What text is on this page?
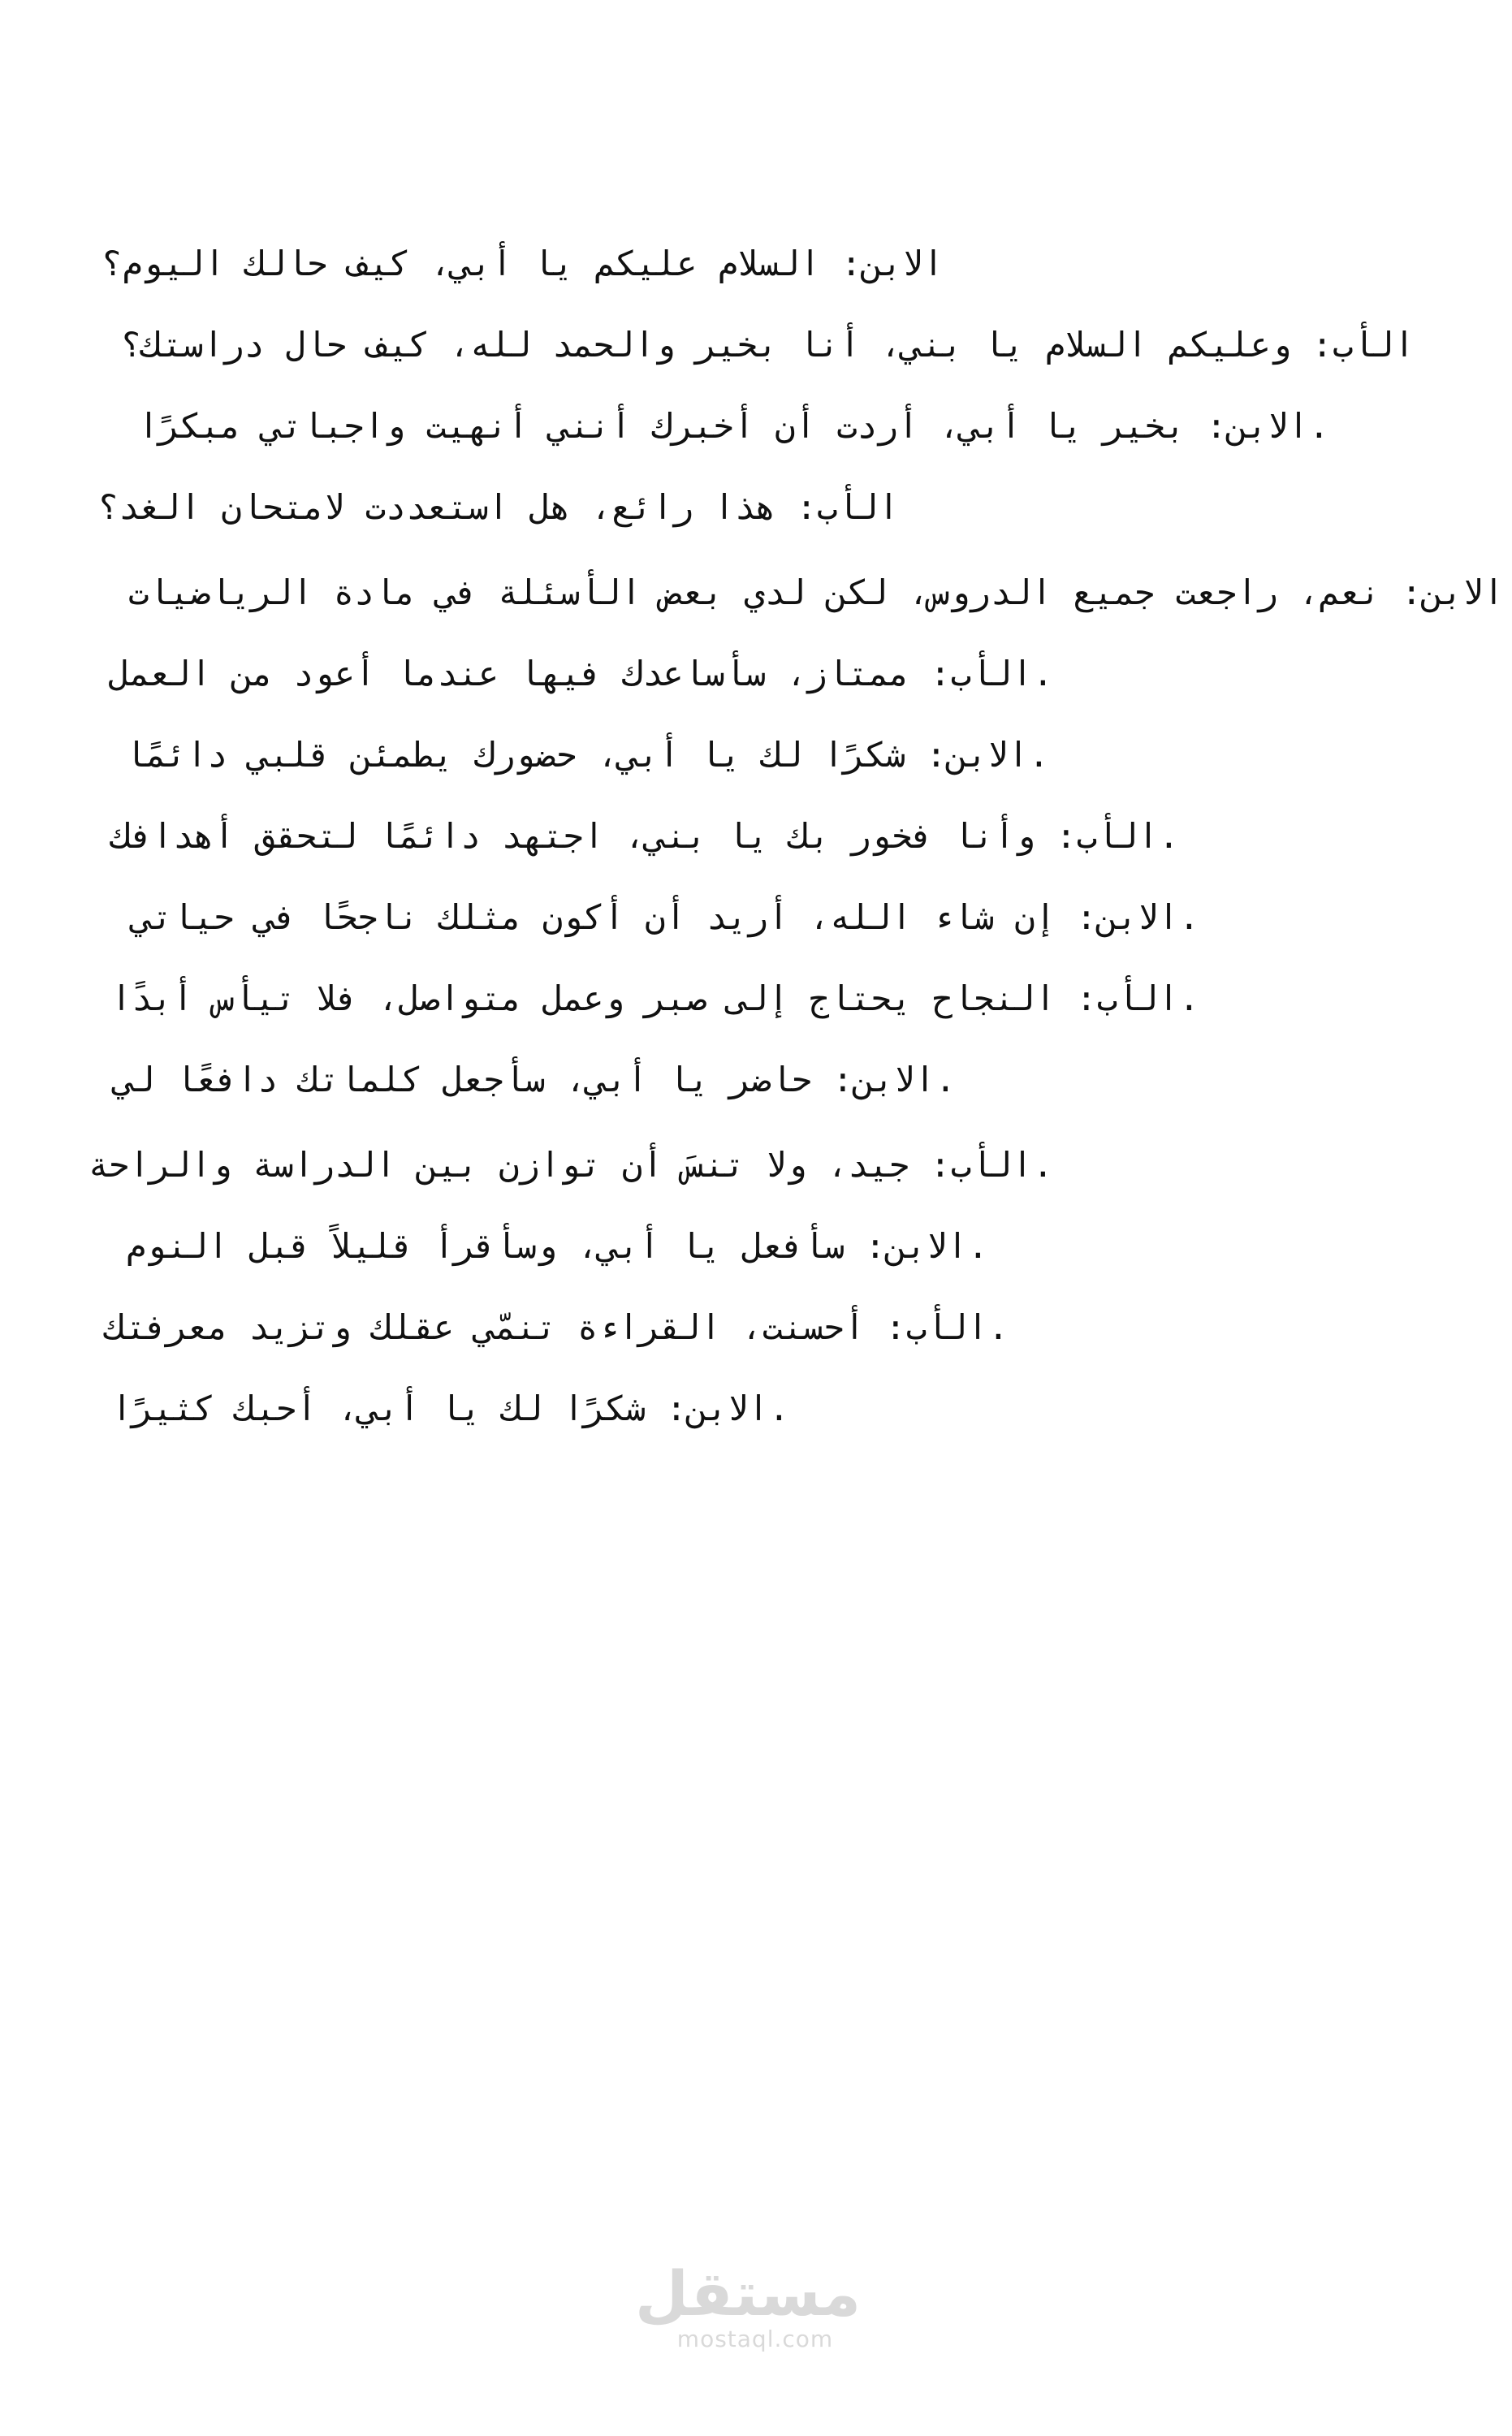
الابن: السلام عليكم يا أبي، كيف حالك اليوم؟
الأب: وعليكم السلام يا بني، أنا بخير والحمد لله، كيف حال دراستك؟
.الابن: بخير يا أبي، أردت أن أخبرك أنني أنهيت واجباتي مبكرًا
الأب: هذا رائع، هل استعددت لامتحان الغد؟
الابن: نعم، راجعت جميع الدروس، لكن لدي بعض الأسئلة في مادة الرياضيات
.الأب: ممتاز، سأساعدك فيها عندما أعود من العمل
.الابن: شكرًا لك يا أبي، حضورك يطمئن قلبي دائمًا
.الأب: وأنا فخور بك يا بني، اجتهد دائمًا لتحقق أهدافك
.الابن: إن شاء الله، أريد أن أكون مثلك ناجحًا في حياتي
.الأب: النجاح يحتاج إلى صبر وعمل متواصل، فلا تيأس أبدًا
.الابن: حاضر يا أبي، سأجعل كلماتك دافعًا لي
.الأب: جيد، ولا تنسَ أن توازن بين الدراسة والراحة
.الابن: سأفعل يا أبي، وسأقرأ قليلاً قبل النوم
.الأب: أحسنت، القراءة تنمّي عقلك وتزيد معرفتك
.الابن: شكرًا لك يا أبي، أحبك كثيرًا
مستقل
mostaql.com
